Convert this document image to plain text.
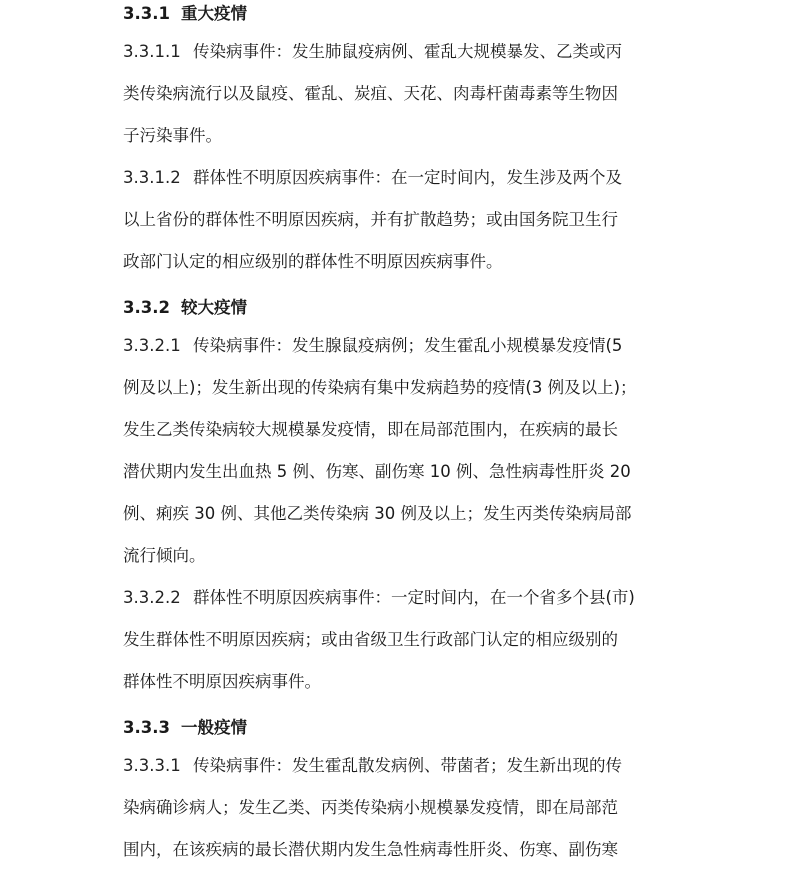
3.3.1 重大疫情
3.3.1.1 传染病事件：发生肺鼠疫病例、霍乱大规模暴发、乙类或丙
类传染病流行以及鼠疫、霍乱、炭疽、天花、肉毒杆菌毒素等生物因
子污染事件。
3.3.1.2 群体性不明原因疾病事件：在一定时间内，发生涉及两个及
以上省份的群体性不明原因疾病，并有扩散趋势；或由国务院卫生行
政部门认定的相应级别的群体性不明原因疾病事件。
3.3.2 较大疫情
3.3.2.1 传染病事件：发生腺鼠疫病例；发生霍乱小规模暴发疫情(5
例及以上)；发生新出现的传染病有集中发病趋势的疫情(3 例及以上)；
发生乙类传染病较大规模暴发疫情，即在局部范围内，在疾病的最长
潜伏期内发生出血热 5 例、伤寒、副伤寒 10 例、急性病毒性肝炎 20
例、痢疾 30 例、其他乙类传染病 30 例及以上；发生丙类传染病局部
流行倾向。
3.3.2.2 群体性不明原因疾病事件：一定时间内，在一个省多个县(市)
发生群体性不明原因疾病；或由省级卫生行政部门认定的相应级别的
群体性不明原因疾病事件。
3.3.3 一般疫情
3.3.3.1 传染病事件：发生霍乱散发病例、带菌者；发生新出现的传
染病确诊病人；发生乙类、丙类传染病小规模暴发疫情，即在局部范
围内，在该疾病的最长潜伏期内发生急性病毒性肝炎、伤寒、副伤寒
